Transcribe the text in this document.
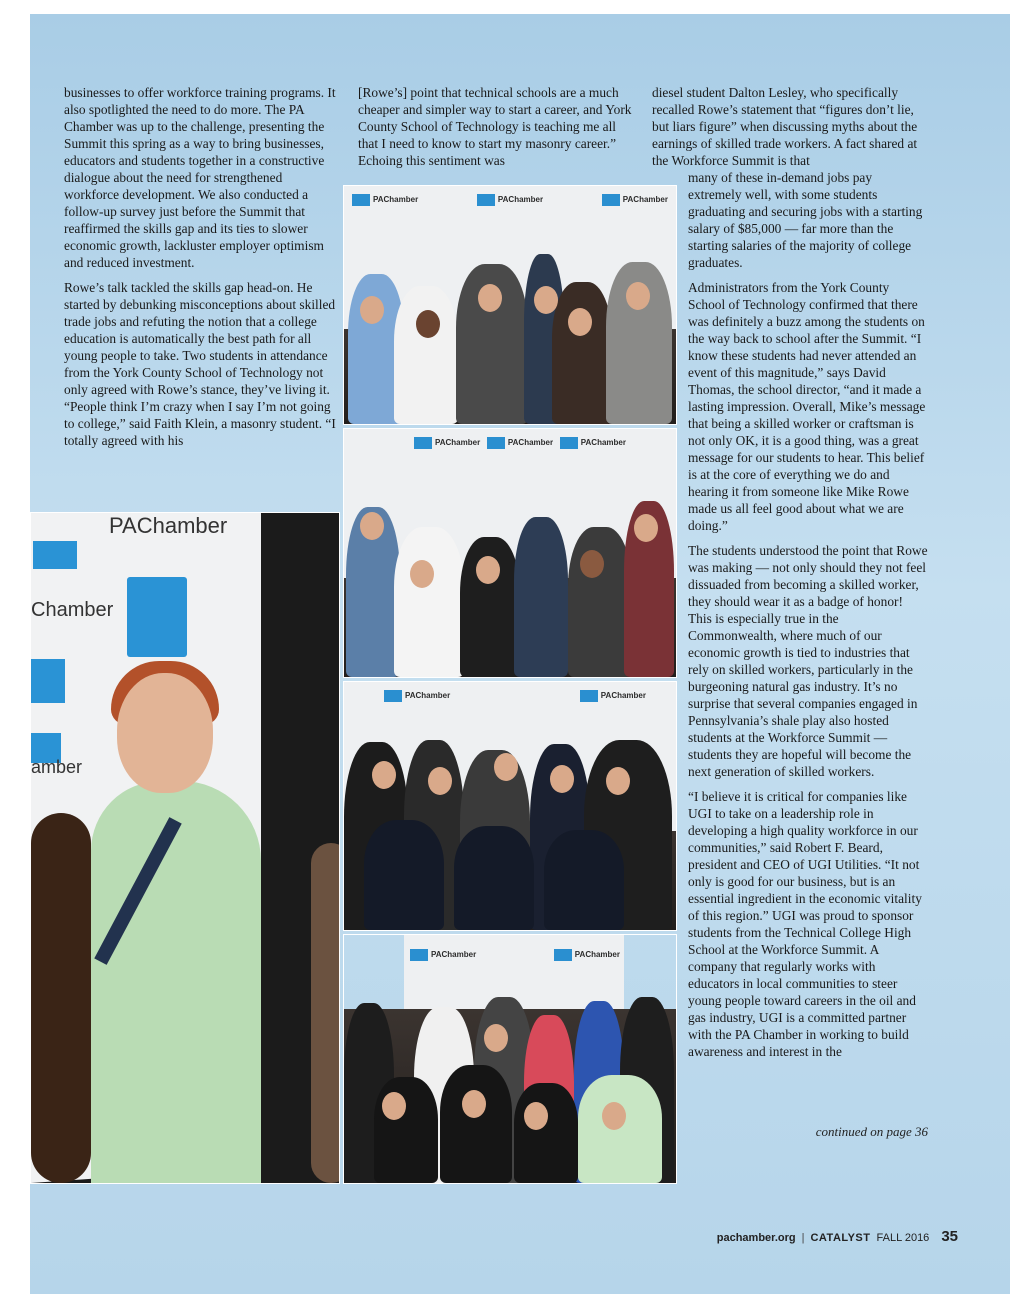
businesses to offer workforce training programs. It also spotlighted the need to do more. The PA Chamber was up to the challenge, presenting the Summit this spring as a way to bring businesses, educators and students together in a constructive dialogue about the need for strengthened workforce development. We also conducted a follow-up survey just before the Summit that reaffirmed the skills gap and its ties to slower economic growth, lackluster employer optimism and reduced investment.

Rowe’s talk tackled the skills gap head-on. He started by debunking misconceptions about skilled trade jobs and refuting the notion that a college education is automatically the best path for all young people to take. Two students in attendance from the York County School of Technology not only agreed with Rowe’s stance, they’ve living it. “People think I’m crazy when I say I’m not going to college,” said Faith Klein, a masonry student. “I totally agreed with his

[Rowe’s] point that technical schools are a much cheaper and simpler way to start a career, and York County School of Technology is teaching me all that I need to know to start my masonry career.” Echoing this sentiment was

diesel student Dalton Lesley, who specifically recalled Rowe’s statement that “figures don’t lie, but liars figure” when discussing myths about the earnings of skilled trade workers. A fact shared at the Workforce Summit is that

many of these in-demand jobs pay extremely well, with some students graduating and securing jobs with a starting salary of $85,000 — far more than the starting salaries of the majority of college graduates.

Administrators from the York County School of Technology confirmed that there was definitely a buzz among the students on the way back to school after the Summit. “I know these students had never attended an event of this magnitude,” says David Thomas, the school director, “and it made a lasting impression. Overall, Mike’s message that being a skilled worker or craftsman is not only OK, it is a good thing, was a great message for our students to hear. This belief is at the core of everything we do and hearing it from someone like Mike Rowe made us all feel good about what we are doing.”

The students understood the point that Rowe was making — not only should they not feel dissuaded from becoming a skilled worker, they should wear it as a badge of honor! This is especially true in the Commonwealth, where much of our economic growth is tied to industries that rely on skilled workers, particularly in the burgeoning natural gas industry. It’s no surprise that several companies engaged in Pennsylvania’s shale play also hosted students at the Workforce Summit — students they are hopeful will become the next generation of skilled workers.

“I believe it is critical for companies like UGI to take on a leadership role in developing a high quality workforce in our communities,” said Robert F. Beard, president and CEO of UGI Utilities. “It not only is good for our business, but is an essential ingredient in the economic vitality of this region.” UGI was proud to sponsor students from the Technical College High School at the Workforce Summit. A company that regularly works with educators in local communities to steer young people toward careers in the oil and gas industry, UGI is a committed partner with the PA Chamber in working to build awareness and interest in the

PAChamber
Chamber
amber
PAChamber	PAChamber	PAChamber
PAChamber	PAChamber	PAChamber
PAChamber	PAChamber
PAChamber	PAChamber
continued on page 36
pachamber.org | CATALYST FALL 2016 35
